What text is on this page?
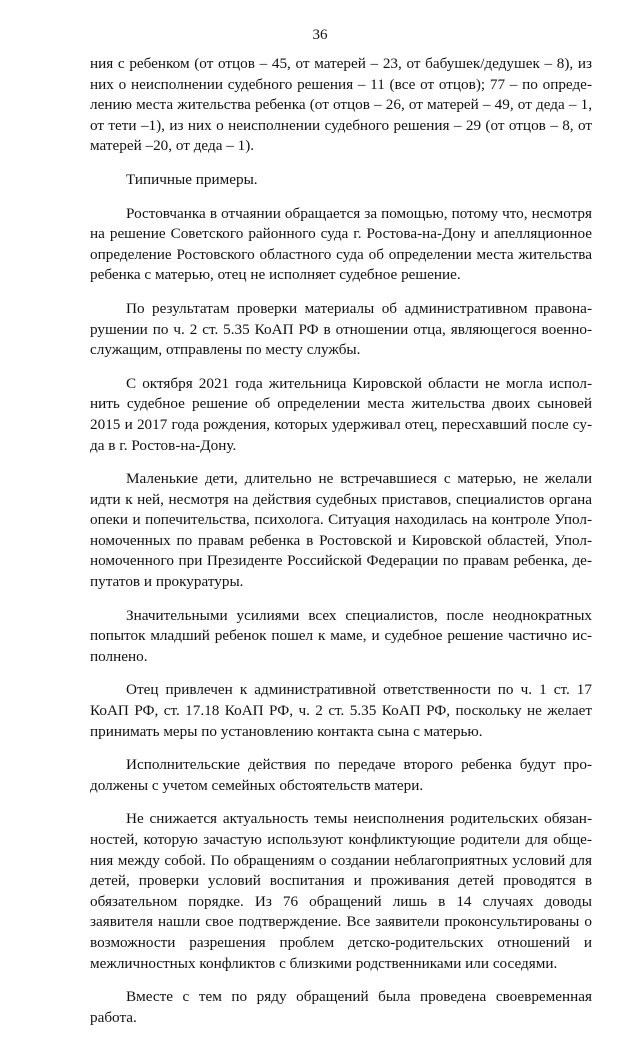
36

ния с ребенком (от отцов – 45, от матерей – 23, от бабушек/дедушек – 8), из них о неисполнении судебного решения – 11 (все от отцов); 77 – по определению места жительства ребенка (от отцов – 26, от матерей – 49, от деда – 1, от тети –1), из них о неисполнении судебного решения – 29 (от отцов – 8, от матерей –20, от деда – 1).

Типичные примеры.

Ростовчанка в отчаянии обращается за помощью, потому что, несмотря на решение Советского районного суда г. Ростова-на-Дону и апелляционное определение Ростовского областного суда об определении места жительства ребенка с матерью, отец не исполняет судебное решение.

По результатам проверки материалы об административном правонарушении по ч. 2 ст. 5.35 КоАП РФ в отношении отца, являющегося военнослужащим, отправлены по месту службы.

С октября 2021 года жительница Кировской области не могла исполнить судебное решение об определении места жительства двоих сыновей 2015 и 2017 года рождения, которых удерживал отец, пересхавший после суда в г. Ростов-на-Дону.

Маленькие дети, длительно не встречавшиеся с матерью, не желали идти к ней, несмотря на действия судебных приставов, специалистов органа опеки и попечительства, психолога. Ситуация находилась на контроле Уполномоченных по правам ребенка в Ростовской и Кировской областей, Уполномоченного при Президенте Российской Федерации по правам ребенка, депутатов и прокуратуры.

Значительными усилиями всех специалистов, после неоднократных попыток младший ребенок пошел к маме, и судебное решение частично исполнено.

Отец привлечен к административной ответственности по ч. 1 ст. 17 КоАП РФ, ст. 17.18 КоАП РФ, ч. 2 ст. 5.35 КоАП РФ, поскольку не желает принимать меры по установлению контакта сына с матерью.

Исполнительские действия по передаче второго ребенка будут продолжены с учетом семейных обстоятельств матери.

Не снижается актуальность темы неисполнения родительских обязанностей, которую зачастую используют конфликтующие родители для общения между собой. По обращениям о создании неблагоприятных условий для детей, проверки условий воспитания и проживания детей проводятся в обязательном порядке. Из 76 обращений лишь в 14 случаях доводы заявителя нашли свое подтверждение. Все заявители проконсультированы о возможности разрешения проблем детско-родительских отношений и межличностных конфликтов с близкими родственниками или соседями.

Вместе с тем по ряду обращений была проведена своевременная работа.
